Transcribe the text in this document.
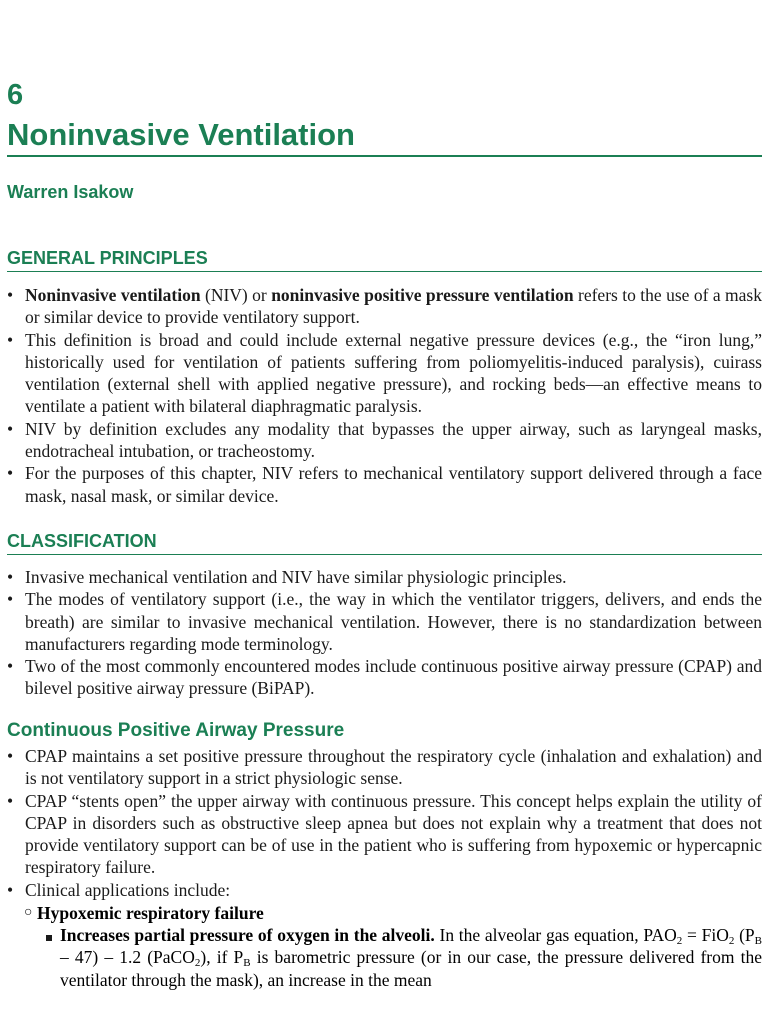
6
Noninvasive Ventilation
Warren Isakow
GENERAL PRINCIPLES
• Noninvasive ventilation (NIV) or noninvasive positive pressure ventilation refers to the use of a mask or similar device to provide ventilatory support.
• This definition is broad and could include external negative pressure devices (e.g., the “iron lung,” historically used for ventilation of patients suffering from poliomyelitis-induced paralysis), cuirass ventilation (external shell with applied negative pressure), and rocking beds—an effective means to ventilate a patient with bilateral diaphragmatic paralysis.
• NIV by definition excludes any modality that bypasses the upper airway, such as laryngeal masks, endotracheal intubation, or tracheostomy.
• For the purposes of this chapter, NIV refers to mechanical ventilatory support delivered through a face mask, nasal mask, or similar device.
CLASSIFICATION
• Invasive mechanical ventilation and NIV have similar physiologic principles.
• The modes of ventilatory support (i.e., the way in which the ventilator triggers, delivers, and ends the breath) are similar to invasive mechanical ventilation. However, there is no standardization between manufacturers regarding mode terminology.
• Two of the most commonly encountered modes include continuous positive airway pressure (CPAP) and bilevel positive airway pressure (BiPAP).
Continuous Positive Airway Pressure
• CPAP maintains a set positive pressure throughout the respiratory cycle (inhalation and exhalation) and is not ventilatory support in a strict physiologic sense.
• CPAP “stents open” the upper airway with continuous pressure. This concept helps explain the utility of CPAP in disorders such as obstructive sleep apnea but does not explain why a treatment that does not provide ventilatory support can be of use in the patient who is suffering from hypoxemic or hypercapnic respiratory failure.
• Clinical applications include:
○ Hypoxemic respiratory failure
Increases partial pressure of oxygen in the alveoli. In the alveolar gas equation, $PAO_2 = FiO_2$ $(P_B - 47) - 1.2$ (PaCO$_2$), if $P_B$ is barometric pressure (or in our case, the pressure delivered from the ventilator through the mask), an increase in the mean
